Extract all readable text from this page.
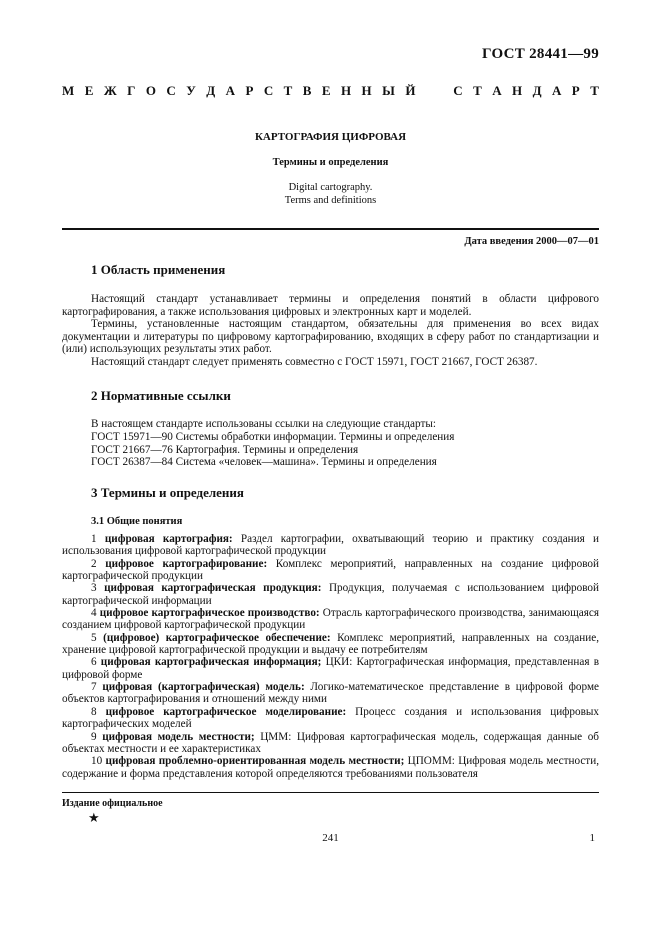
ГОСТ 28441—99
М Е Ж Г О С У Д А Р С Т В Е Н Н Ы Й

	С Т А Н Д А Р Т
КАРТОГРАФИЯ ЦИФРОВАЯ
Термины и определения
Digital cartography.
Terms and definitions
Дата введения 2000—07—01
1 Область применения

Настоящий стандарт устанавливает термины и определения понятий в области цифрового картографирования, а также использования цифровых и электронных карт и моделей.

Термины, установленные настоящим стандартом, обязательны для применения во всех видах документации и литературы по цифровому картографированию, входящих в сферу работ по стандартизации и (или) использующих результаты этих работ.

Настоящий стандарт следует применять совместно с ГОСТ 15971, ГОСТ 21667, ГОСТ 26387.

2 Нормативные ссылки
В настоящем стандарте использованы ссылки на следующие стандарты:
ГОСТ 15971—90 Системы обработки информации. Термины и определения
ГОСТ 21667—76 Картография. Термины и определения
ГОСТ 26387—84 Система «человек—машина». Термины и определения
3 Термины и определения
3.1 Общие понятия

1 цифровая картография: Раздел картографии, охватывающий теорию и практику создания и использования цифровой картографической продукции

2 цифровое картографирование: Комплекс мероприятий, направленных на создание цифровой картографической продукции

3 цифровая картографическая продукция: Продукция, получаемая с использованием цифровой картографической информации

4 цифровое картографическое производство: Отрасль картографического производства, занимающаяся созданием цифровой картографической продукции

5 (цифровое) картографическое обеспечение: Комплекс мероприятий, направленных на создание, хранение цифровой картографической продукции и выдачу ее потребителям

6 цифровая картографическая информация; ЦКИ: Картографическая информация, представленная в цифровой форме

7 цифровая (картографическая) модель: Логико-математическое представление в цифровой форме объектов картографирования и отношений между ними

8 цифровое картографическое моделирование: Процесс создания и использования цифровых картографических моделей

9 цифровая модель местности; ЦММ: Цифровая картографическая модель, содержащая данные об объектах местности и ее характеристиках

10 цифровая проблемно-ориентированная модель местности; ЦПОММ: Цифровая модель местности, содержание и форма представления которой определяются требованиями пользователя

Издание официальное
★
241	1
